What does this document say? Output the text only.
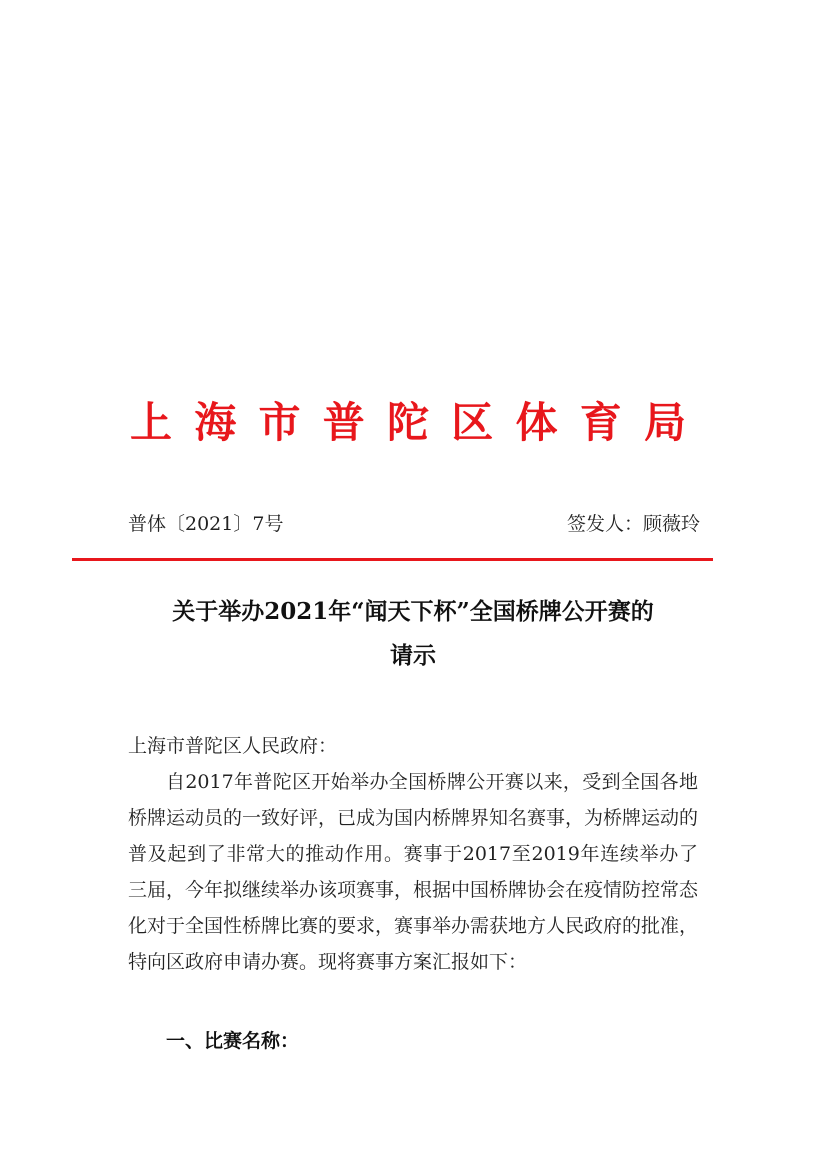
上 海 市 普 陀 区 体 育 局
普体〔2021〕7号	签发人：顾薇玲
关于举办2021年“闻天下杯”全国桥牌公开赛的
请示
上海市普陀区人民政府：
自2017年普陀区开始举办全国桥牌公开赛以来，受到全国各地桥牌运动员的一致好评，已成为国内桥牌界知名赛事，为桥牌运动的普及起到了非常大的推动作用。赛事于2017至2019年连续举办了三届，今年拟继续举办该项赛事，根据中国桥牌协会在疫情防控常态化对于全国性桥牌比赛的要求，赛事举办需获地方人民政府的批准，特向区政府申请办赛。现将赛事方案汇报如下：
一、比赛名称：
